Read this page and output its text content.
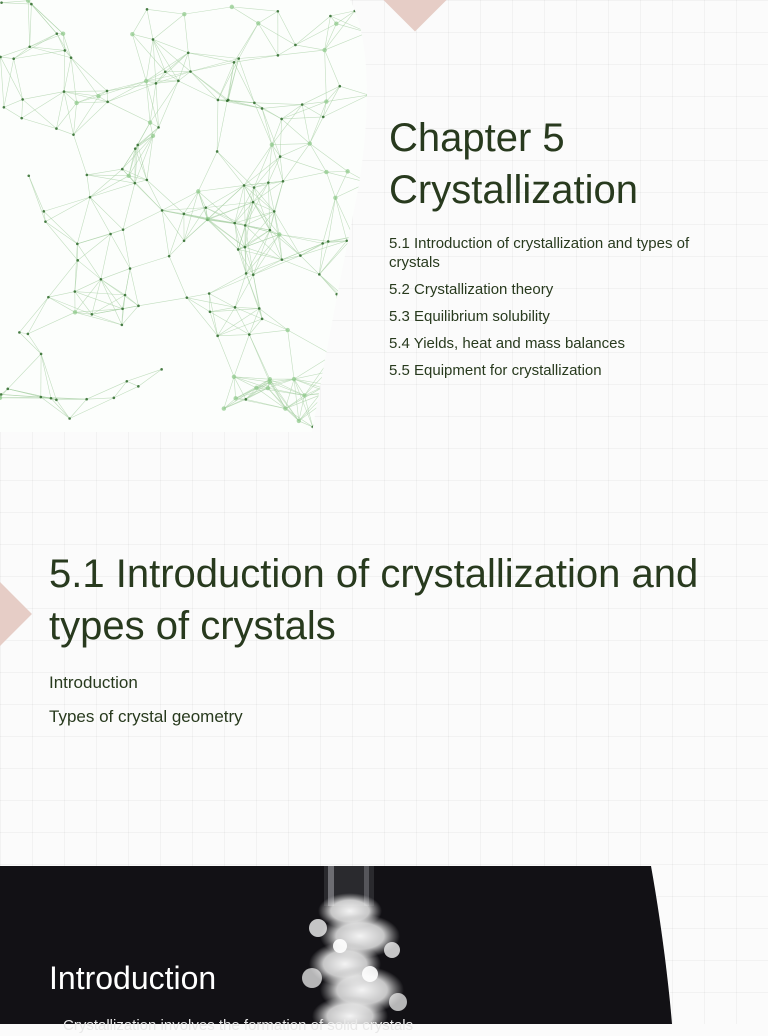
Chapter 5
Crystallization
5.1 Introduction of crystallization and types of crystals
5.2 Crystallization theory
5.3 Equilibrium solubility
5.4 Yields, heat and mass balances
5.5 Equipment for crystallization
5.1 Introduction of crystallization and types of crystals
Introduction
Types of crystal geometry
Introduction

Crystallization involves the formation of solid crystals
